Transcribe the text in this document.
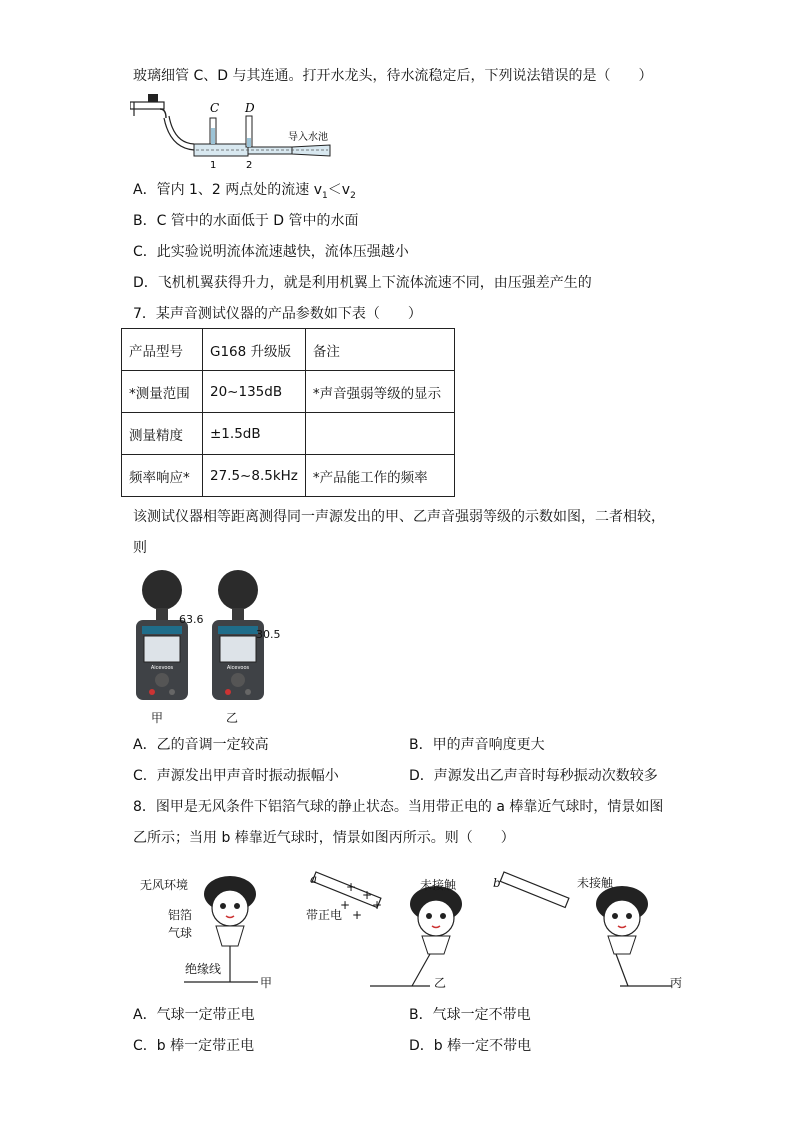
玻璃细管 C、D 与其连通。打开水龙头，待水流稳定后，下列说法错误的是（　　）
C D
1	2
导入水池
A．管内 1、2 两点处的流速 $v_1<v_2$
B．C 管中的水面低于 D 管中的水面
C．此实验说明流体流速越快，流体压强越小
D．飞机机翼获得升力，就是利用机翼上下流体流速不同，由压强差产生的
7．某声音测试仪器的产品参数如下表（　　）
产品型号	G168 升级版	备注
*测量范围	20~135dB	*声音强弱等级的显示
测量精度	±1.5dB	
频率响应*	27.5~8.5kHz	*产品能工作的频率
该测试仪器相等距离测得同一声源发出的甲、乙声音强弱等级的示数如图，二者相较，
则
Aicevoos	Aicevoos
63.6
30.5
甲	乙
A．乙的音调一定较高	B．甲的声音响度更大
C．声源发出甲声音时振动振幅小	D．声源发出乙声音时每秒振动次数较多
8．图甲是无风条件下铝箔气球的静止状态。当用带正电的 a 棒靠近气球时，情景如图
乙所示；当用 b 棒靠近气球时，情景如图丙所示。则（　　）
无风环境
铝箔
气球
绝缘线
甲
a
+
+
+
+
+
带正电
未接触
乙
b	未接触
丙
A．气球一定带正电	B．气球一定不带电
C．b 棒一定带正电	D．b 棒一定不带电
